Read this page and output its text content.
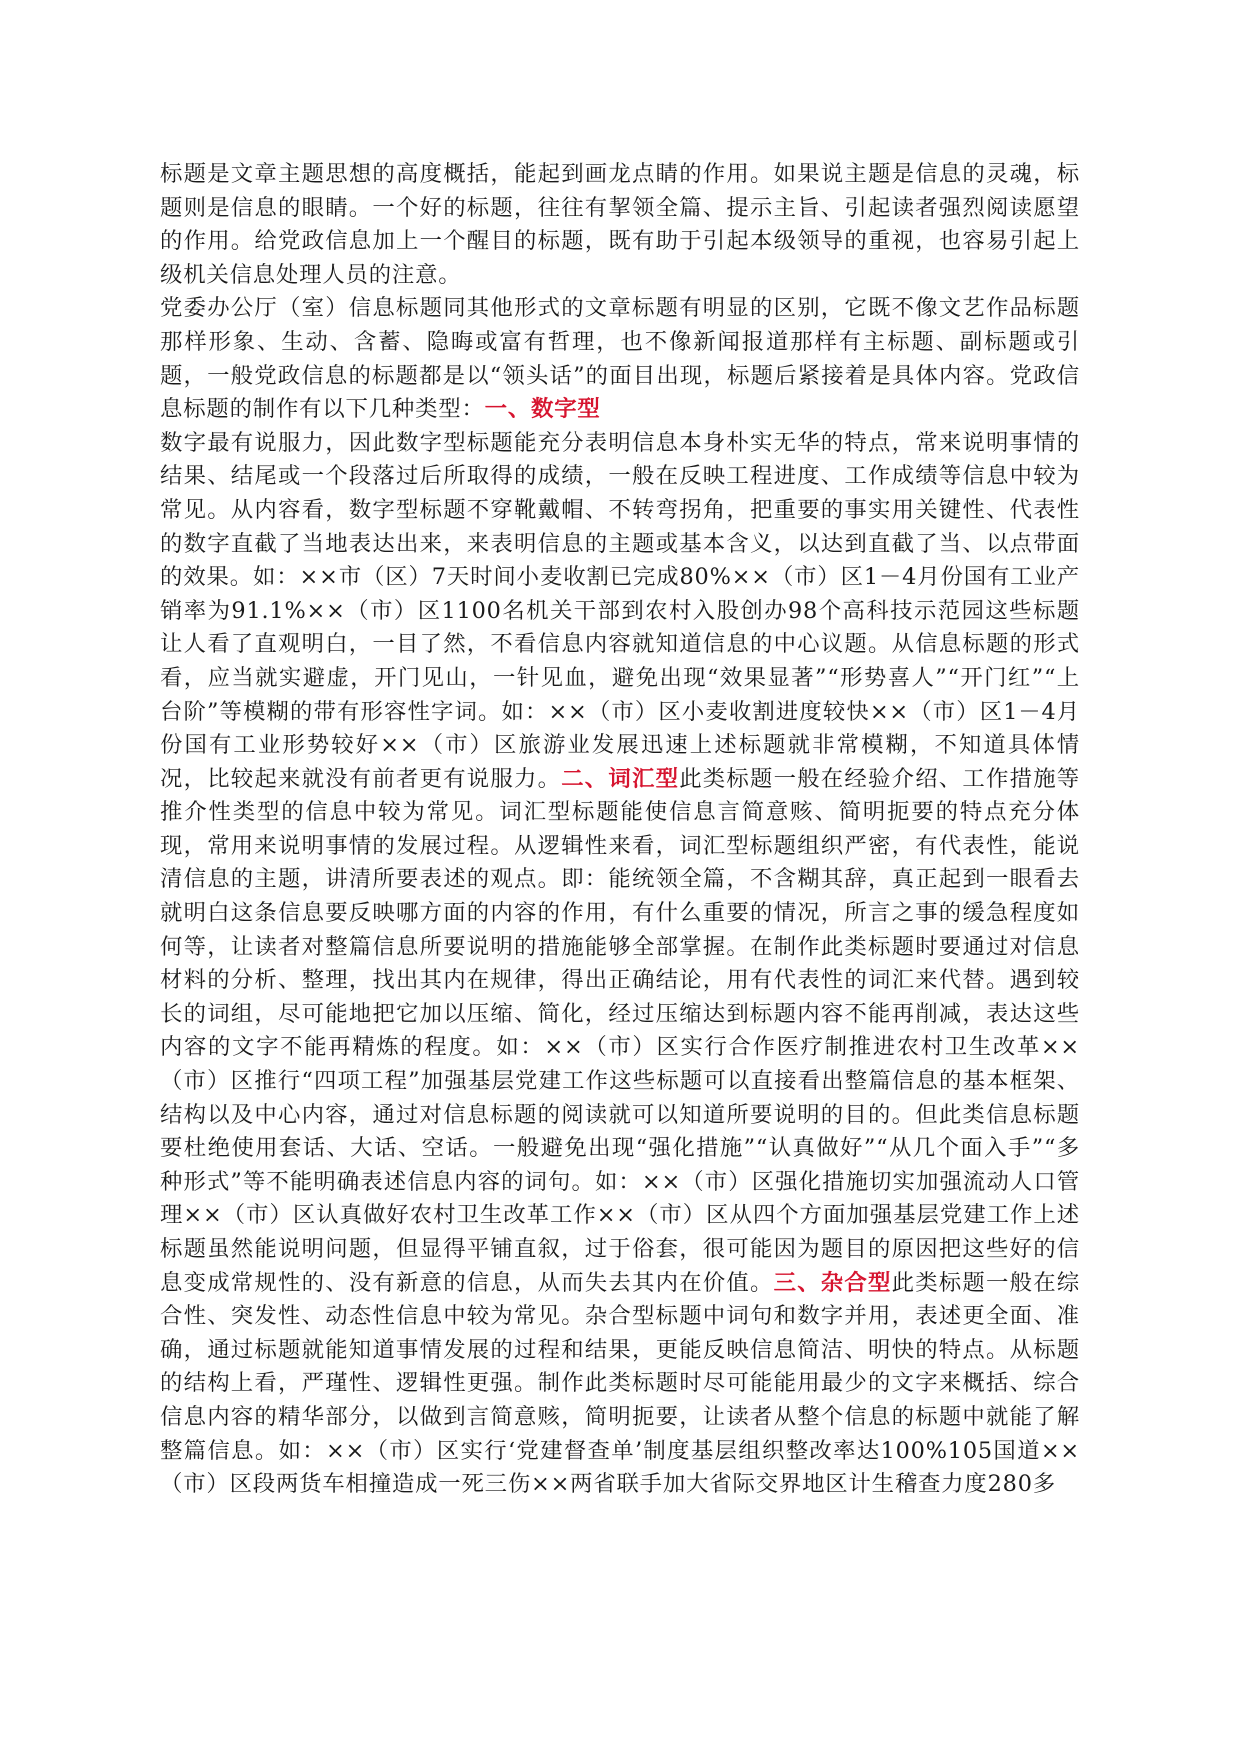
标题是文章主题思想的高度概括，能起到画龙点睛的作用。如果说主题是信息的灵魂，标题则是信息的眼睛。一个好的标题，往往有挈领全篇、提示主旨、引起读者强烈阅读愿望的作用。给党政信息加上一个醒目的标题，既有助于引起本级领导的重视，也容易引起上级机关信息处理人员的注意。

党委办公厅（室）信息标题同其他形式的文章标题有明显的区别，它既不像文艺作品标题那样形象、生动、含蓄、隐晦或富有哲理，也不像新闻报道那样有主标题、副标题或引题，一般党政信息的标题都是以“领头话”的面目出现，标题后紧接着是具体内容。党政信息标题的制作有以下几种类型：一、数字型

数字最有说服力，因此数字型标题能充分表明信息本身朴实无华的特点，常来说明事情的结果、结尾或一个段落过后所取得的成绩，一般在反映工程进度、工作成绩等信息中较为常见。从内容看，数字型标题不穿靴戴帽、不转弯拐角，把重要的事实用关键性、代表性的数字直截了当地表达出来，来表明信息的主题或基本含义，以达到直截了当、以点带面的效果。如：××市（区）7天时间小麦收割已完成80%××（市）区1－4月份国有工业产销率为91.1%××（市）区1100名机关干部到农村入股创办98个高科技示范园这些标题让人看了直观明白，一目了然，不看信息内容就知道信息的中心议题。从信息标题的形式看，应当就实避虚，开门见山，一针见血，避免出现“效果显著”“形势喜人”“开门红”“上台阶”等模糊的带有形容性字词。如：××（市）区小麦收割进度较快××（市）区1－4月份国有工业形势较好××（市）区旅游业发展迅速上述标题就非常模糊，不知道具体情况，比较起来就没有前者更有说服力。二、词汇型此类标题一般在经验介绍、工作措施等推介性类型的信息中较为常见。词汇型标题能使信息言简意赅、简明扼要的特点充分体现，常用来说明事情的发展过程。从逻辑性来看，词汇型标题组织严密，有代表性，能说清信息的主题，讲清所要表述的观点。即：能统领全篇，不含糊其辞，真正起到一眼看去就明白这条信息要反映哪方面的内容的作用，有什么重要的情况，所言之事的缓急程度如何等，让读者对整篇信息所要说明的措施能够全部掌握。在制作此类标题时要通过对信息材料的分析、整理，找出其内在规律，得出正确结论，用有代表性的词汇来代替。遇到较长的词组，尽可能地把它加以压缩、简化，经过压缩达到标题内容不能再削减，表达这些内容的文字不能再精炼的程度。如：××（市）区实行合作医疗制推进农村卫生改革××（市）区推行“四项工程”加强基层党建工作这些标题可以直接看出整篇信息的基本框架、结构以及中心内容，通过对信息标题的阅读就可以知道所要说明的目的。但此类信息标题要杜绝使用套话、大话、空话。一般避免出现“强化措施”“认真做好”“从几个面入手”“多种形式”等不能明确表述信息内容的词句。如：××（市）区强化措施切实加强流动人口管理××（市）区认真做好农村卫生改革工作××（市）区从四个方面加强基层党建工作上述标题虽然能说明问题，但显得平铺直叙，过于俗套，很可能因为题目的原因把这些好的信息变成常规性的、没有新意的信息，从而失去其内在价值。三、杂合型此类标题一般在综合性、突发性、动态性信息中较为常见。杂合型标题中词句和数字并用，表述更全面、准确，通过标题就能知道事情发展的过程和结果，更能反映信息简洁、明快的特点。从标题的结构上看，严瑾性、逻辑性更强。制作此类标题时尽可能能用最少的文字来概括、综合信息内容的精华部分，以做到言简意赅，简明扼要，让读者从整个信息的标题中就能了解整篇信息。如：××（市）区实行‘党建督查单’制度基层组织整改率达100%105国道××（市）区段两货车相撞造成一死三伤××两省联手加大省际交界地区计生稽查力度280多
